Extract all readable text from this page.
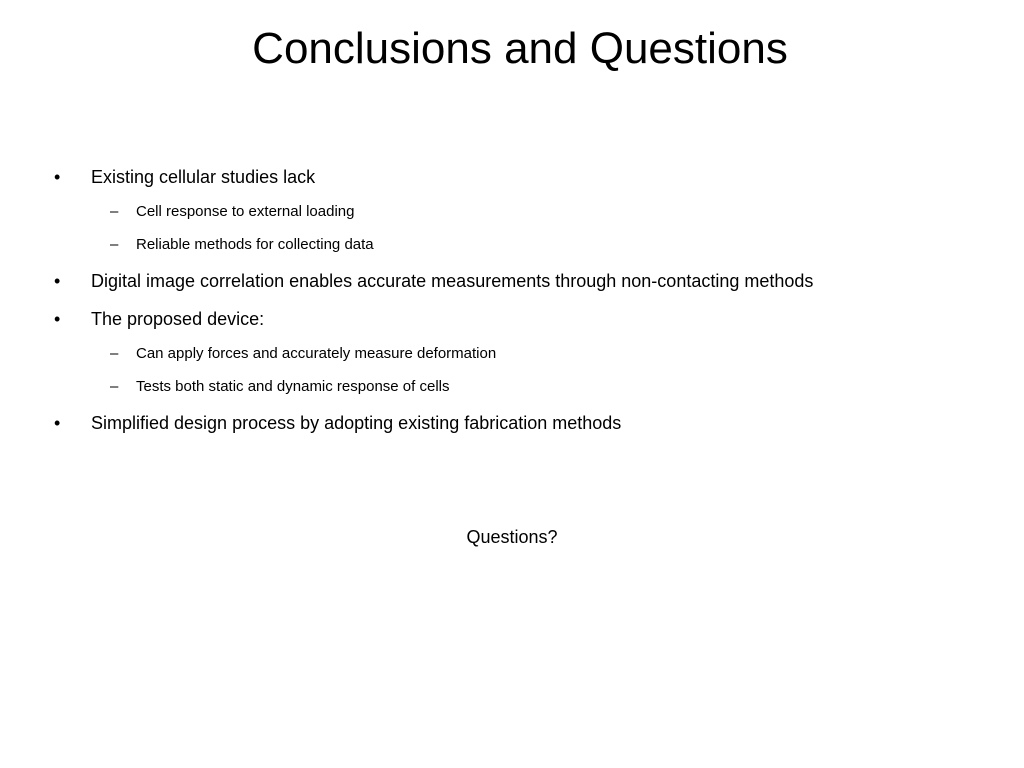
Conclusions and Questions
• Existing cellular studies lack
– Cell response to external loading
– Reliable methods for collecting data
• Digital image correlation enables accurate measurements through non-contacting methods
• The proposed device:
– Can apply forces and accurately measure deformation
– Tests both static and dynamic response of cells
• Simplified design process by adopting existing fabrication methods
Questions?
